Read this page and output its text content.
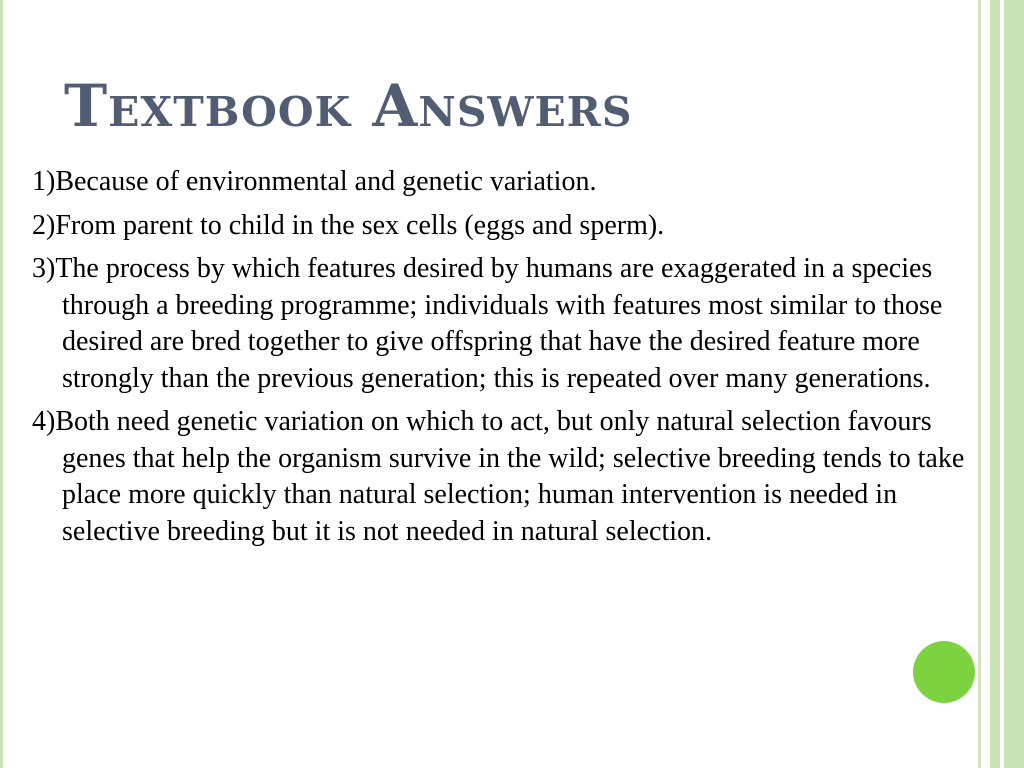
Textbook Answers
1)Because of environmental and genetic variation.
2)From parent to child in the sex cells (eggs and sperm).
3)The process by which features desired by humans are exaggerated in a species through a breeding programme; individuals with features most similar to those desired are bred together to give offspring that have the desired feature more strongly than the previous generation; this is repeated over many generations.
4)Both need genetic variation on which to act, but only natural selection favours genes that help the organism survive in the wild; selective breeding tends to take place more quickly than natural selection; human intervention is needed in selective breeding but it is not needed in natural selection.
